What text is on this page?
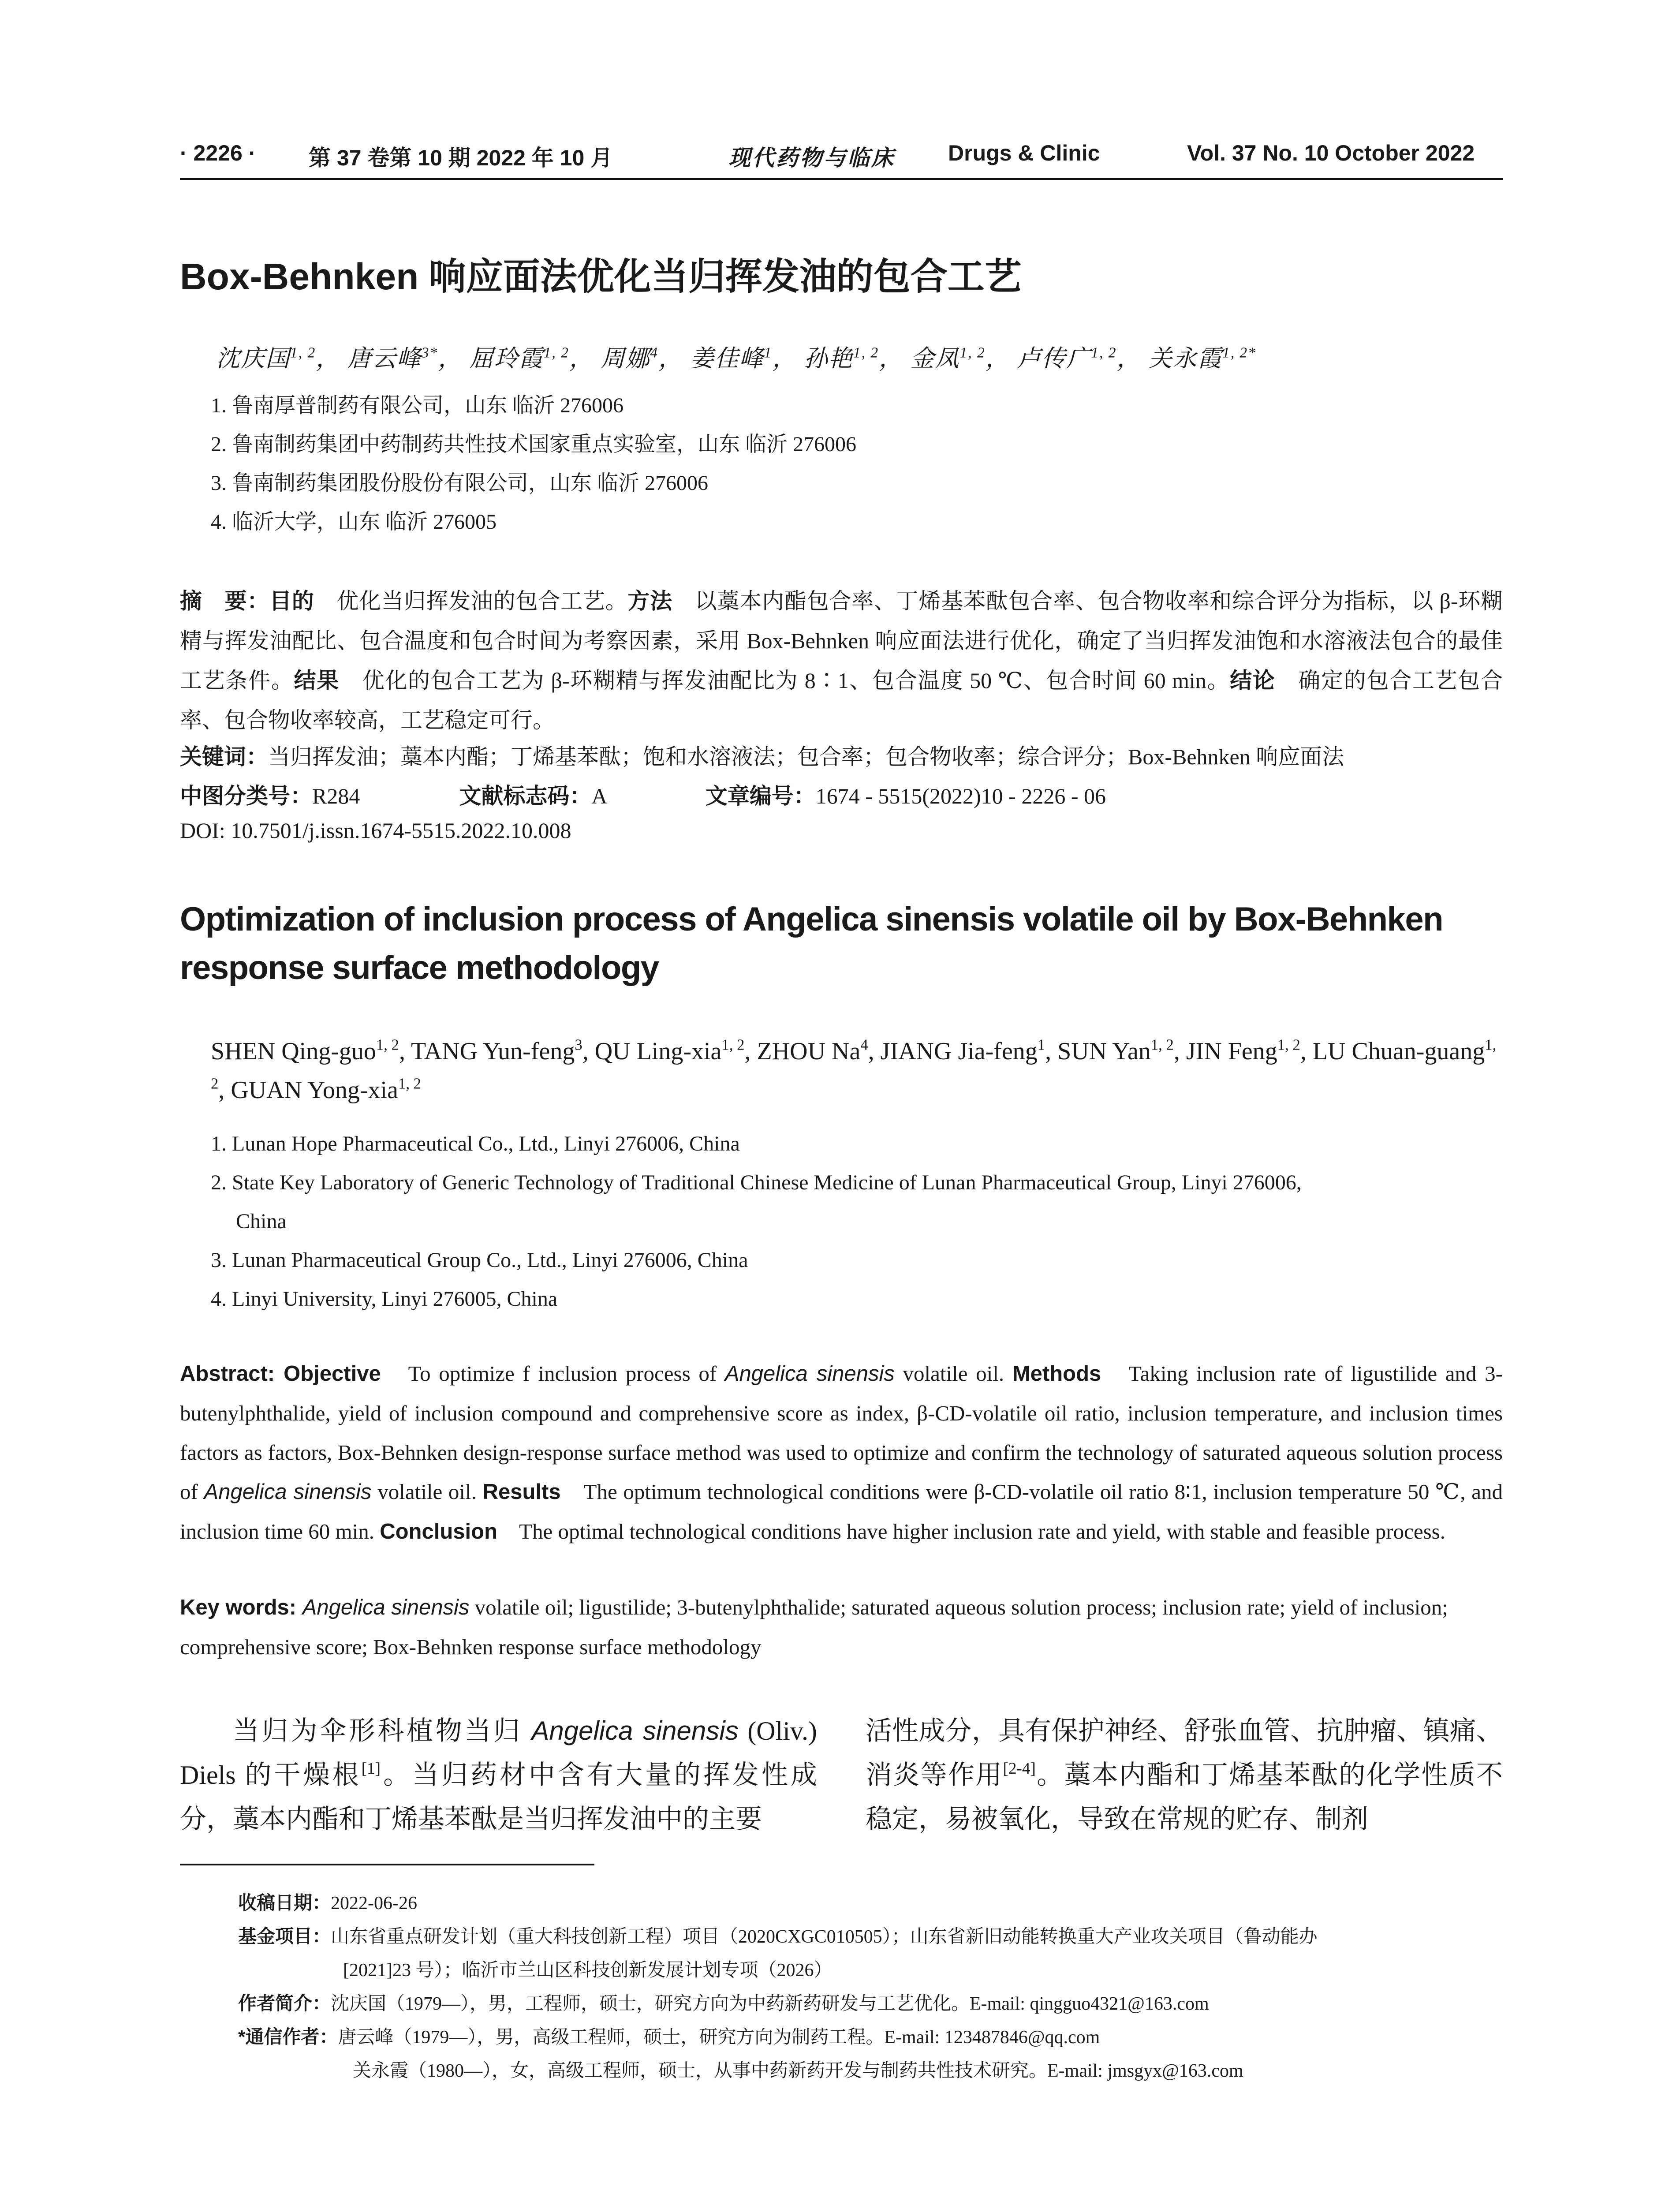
· 2226 · 第 37 卷第 10 期 2022 年 10 月	现代药物与临床 Drugs & Clinic	Vol. 37 No. 10 October 2022
Box-Behnken 响应面法优化当归挥发油的包合工艺
沈庆国$^{1, 2}$， 唐云峰$^{3*}$， 屈玲霞$^{1, 2}$， 周娜$^4$， 姜佳峰$^1$， 孙艳$^{1, 2}$， 金凤$^{1, 2}$， 卢传广$^{1, 2}$， 关永霞$^{1, 2*}$
1. 鲁南厚普制药有限公司，山东 临沂 276006
2. 鲁南制药集团中药制药共性技术国家重点实验室，山东 临沂 276006
3. 鲁南制药集团股份股份有限公司，山东 临沂 276006
4. 临沂大学，山东 临沂 276005
摘　要：目的　优化当归挥发油的包合工艺。方法　以藁本内酯包合率、丁烯基苯酞包合率、包合物收率和综合评分为指标，以 β-环糊精与挥发油配比、包合温度和包合时间为考察因素，采用 Box-Behnken 响应面法进行优化，确定了当归挥发油饱和水溶液法包合的最佳工艺条件。结果　优化的包合工艺为 β-环糊精与挥发油配比为 8∶1、包合温度 50 ℃、包合时间 60 min。结论　确定的包合工艺包合率、包合物收率较高，工艺稳定可行。
关键词：当归挥发油；藁本内酯；丁烯基苯酞；饱和水溶液法；包合率；包合物收率；综合评分；Box-Behnken 响应面法
中图分类号：R284	文献标志码：A	文章编号：1674 - 5515(2022)10 - 2226 - 06
DOI: 10.7501/j.issn.1674-5515.2022.10.008
Optimization of inclusion process of Angelica sinensis volatile oil by Box-Behnken response surface methodology
SHEN Qing-guo$^{1, 2}$, TANG Yun-feng$^3$, QU Ling-xia$^{1, 2}$, ZHOU Na$^4$, JIANG Jia-feng$^1$, SUN Yan$^{1, 2}$, JIN Feng$^{1, 2}$, LU Chuan-guang$^{1, 2}$, GUAN Yong-xia$^{1, 2}$
1. Lunan Hope Pharmaceutical Co., Ltd., Linyi 276006, China
2. State Key Laboratory of Generic Technology of Traditional Chinese Medicine of Lunan Pharmaceutical Group, Linyi 276006,
China
3. Lunan Pharmaceutical Group Co., Ltd., Linyi 276006, China
4. Linyi University, Linyi 276005, China
Abstract: Objective　To optimize f inclusion process of Angelica sinensis volatile oil. Methods　Taking inclusion rate of ligustilide and 3-butenylphthalide, yield of inclusion compound and comprehensive score as index, β-CD-volatile oil ratio, inclusion temperature, and inclusion times factors as factors, Box-Behnken design-response surface method was used to optimize and confirm the technology of saturated aqueous solution process of Angelica sinensis volatile oil. Results　The optimum technological conditions were β-CD-volatile oil ratio 8∶1, inclusion temperature 50 ℃, and inclusion time 60 min. Conclusion　The optimal technological conditions have higher inclusion rate and yield, with stable and feasible process.
Key words: Angelica sinensis volatile oil; ligustilide; 3-butenylphthalide; saturated aqueous solution process; inclusion rate; yield of inclusion; comprehensive score; Box-Behnken response surface methodology
当归为伞形科植物当归 Angelica sinensis (Oliv.) Diels 的干燥根[1]。当归药材中含有大量的挥发性成分，藁本内酯和丁烯基苯酞是当归挥发油中的主要
活性成分，具有保护神经、舒张血管、抗肿瘤、镇痛、消炎等作用[2-4]。藁本内酯和丁烯基苯酞的化学性质不稳定，易被氧化，导致在常规的贮存、制剂
收稿日期：2022-06-26
基金项目：山东省重点研发计划（重大科技创新工程）项目（2020CXGC010505）；山东省新旧动能转换重大产业攻关项目（鲁动能办
[2021]23 号）；临沂市兰山区科技创新发展计划专项（2026）
作者简介：沈庆国（1979—），男，工程师，硕士，研究方向为中药新药研发与工艺优化。E-mail: qingguo4321@163.com
*通信作者：唐云峰（1979—），男，高级工程师，硕士，研究方向为制药工程。E-mail: 123487846@qq.com
关永霞（1980—），女，高级工程师，硕士，从事中药新药开发与制药共性技术研究。E-mail: jmsgyx@163.com
